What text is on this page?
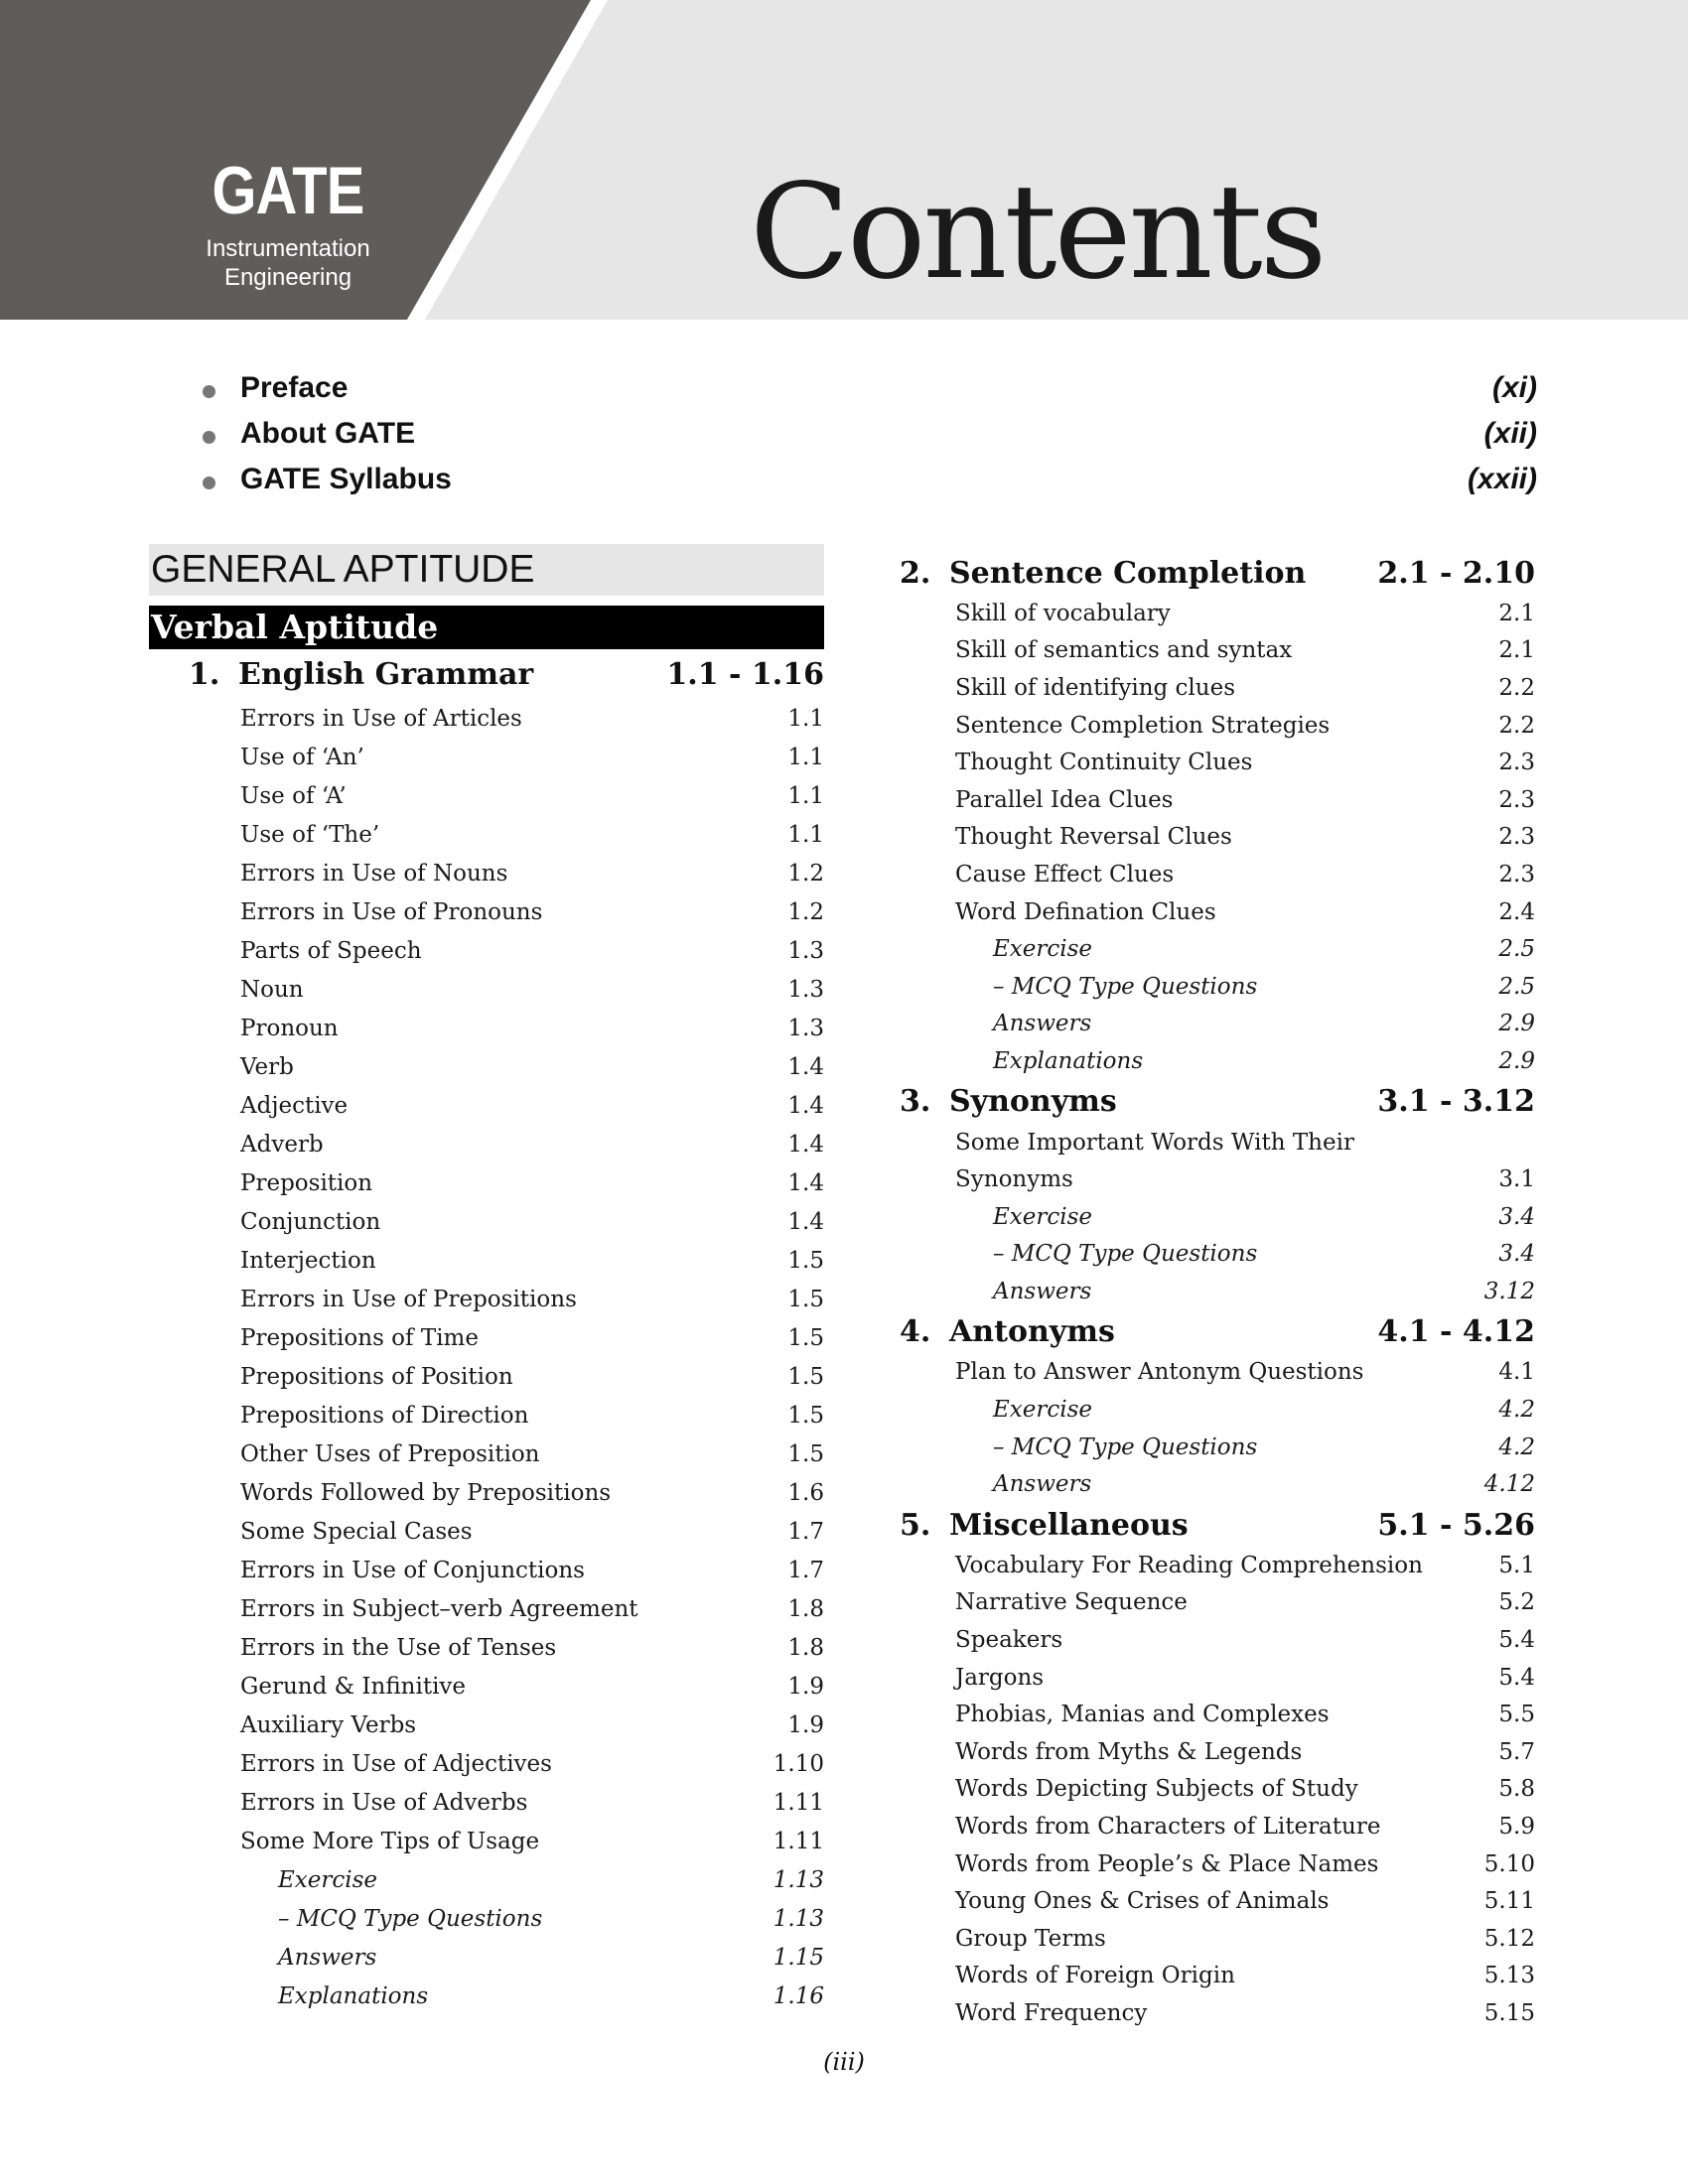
GATE
Instrumentation
Engineering	Contents
Preface	(xi)
About GATE	(xii)
GATE Syllabus	(xxii)
GENERAL APTITUDE
Verbal Aptitude
1. English Grammar	1.1 - 1.16
Errors in Use of Articles	1.1
Use of ‘An’	1.1
Use of ‘A’	1.1
Use of ‘The’	1.1
Errors in Use of Nouns	1.2
Errors in Use of Pronouns	1.2
Parts of Speech	1.3
Noun	1.3
Pronoun	1.3
Verb	1.4
Adjective	1.4
Adverb	1.4
Preposition	1.4
Conjunction	1.4
Interjection	1.5
Errors in Use of Prepositions	1.5
Prepositions of Time	1.5
Prepositions of Position	1.5
Prepositions of Direction	1.5
Other Uses of Preposition	1.5
Words Followed by Prepositions	1.6
Some Special Cases	1.7
Errors in Use of Conjunctions	1.7
Errors in Subject–verb Agreement	1.8
Errors in the Use of Tenses	1.8
Gerund & Infinitive	1.9
Auxiliary Verbs	1.9
Errors in Use of Adjectives	1.10
Errors in Use of Adverbs	1.11
Some More Tips of Usage	1.11
Exercise	1.13
– MCQ Type Questions	1.13
Answers	1.15
Explanations	1.16
2. Sentence Completion	2.1 - 2.10
Skill of vocabulary	2.1
Skill of semantics and syntax	2.1
Skill of identifying clues	2.2
Sentence Completion Strategies	2.2
Thought Continuity Clues	2.3
Parallel Idea Clues	2.3
Thought Reversal Clues	2.3
Cause Effect Clues	2.3
Word Defination Clues	2.4
Exercise	2.5
– MCQ Type Questions	2.5
Answers	2.9
Explanations	2.9
3. Synonyms	3.1 - 3.12
Some Important Words With Their
Synonyms	3.1
Exercise	3.4
– MCQ Type Questions	3.4
Answers	3.12
4. Antonyms	4.1 - 4.12
Plan to Answer Antonym Questions	4.1
Exercise	4.2
– MCQ Type Questions	4.2
Answers	4.12
5. Miscellaneous	5.1 - 5.26
Vocabulary For Reading Comprehension	5.1
Narrative Sequence	5.2
Speakers	5.4
Jargons	5.4
Phobias, Manias and Complexes	5.5
Words from Myths & Legends	5.7
Words Depicting Subjects of Study	5.8
Words from Characters of Literature	5.9
Words from People’s & Place Names	5.10
Young Ones & Crises of Animals	5.11
Group Terms	5.12
Words of Foreign Origin	5.13
Word Frequency	5.15
(iii)
